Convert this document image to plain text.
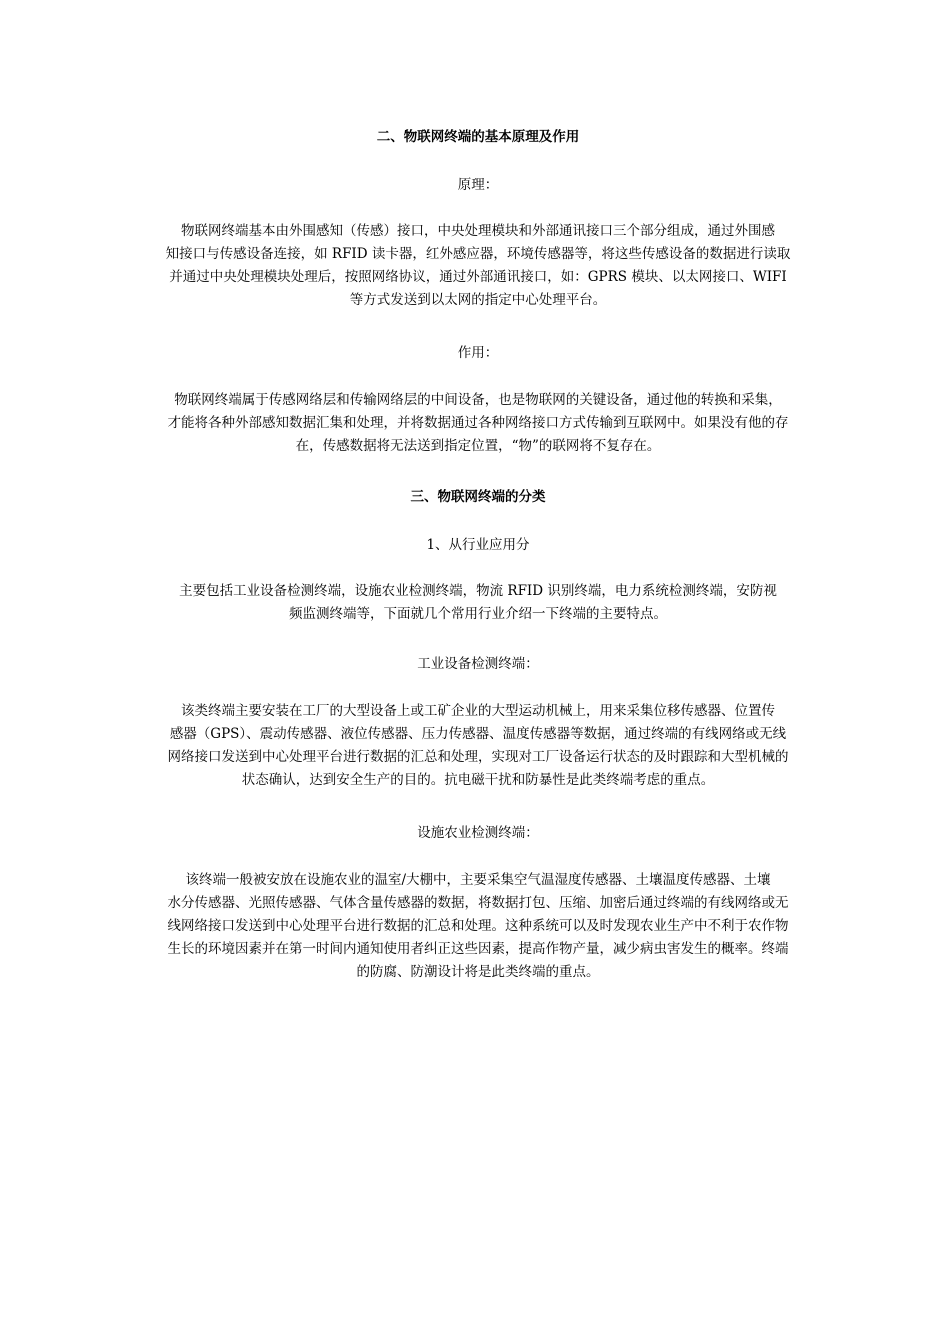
二、物联网终端的基本原理及作用
原理：
物联网终端基本由外围感知（传感）接口，中央处理模块和外部通讯接口三个部分组成，通过外围感
知接口与传感设备连接，如 RFID 读卡器，红外感应器，环境传感器等，将这些传感设备的数据进行读取
并通过中央处理模块处理后，按照网络协议，通过外部通讯接口，如：GPRS 模块、以太网接口、WIFI
等方式发送到以太网的指定中心处理平台。
作用：
物联网终端属于传感网络层和传输网络层的中间设备，也是物联网的关键设备，通过他的转换和采集，
才能将各种外部感知数据汇集和处理，并将数据通过各种网络接口方式传输到互联网中。如果没有他的存
在，传感数据将无法送到指定位置，“物”的联网将不复存在。
三、物联网终端的分类
1、从行业应用分
主要包括工业设备检测终端，设施农业检测终端，物流 RFID 识别终端，电力系统检测终端，安防视
频监测终端等，下面就几个常用行业介绍一下终端的主要特点。
工业设备检测终端：
该类终端主要安装在工厂的大型设备上或工矿企业的大型运动机械上，用来采集位移传感器、位置传
感器（GPS）、震动传感器、液位传感器、压力传感器、温度传感器等数据，通过终端的有线网络或无线
网络接口发送到中心处理平台进行数据的汇总和处理，实现对工厂设备运行状态的及时跟踪和大型机械的
状态确认，达到安全生产的目的。抗电磁干扰和防暴性是此类终端考虑的重点。
设施农业检测终端：
该终端一般被安放在设施农业的温室/大棚中，主要采集空气温湿度传感器、土壤温度传感器、土壤
水分传感器、光照传感器、气体含量传感器的数据，将数据打包、压缩、加密后通过终端的有线网络或无
线网络接口发送到中心处理平台进行数据的汇总和处理。这种系统可以及时发现农业生产中不利于农作物
生长的环境因素并在第一时间内通知使用者纠正这些因素，提高作物产量，减少病虫害发生的概率。终端
的防腐、防潮设计将是此类终端的重点。
